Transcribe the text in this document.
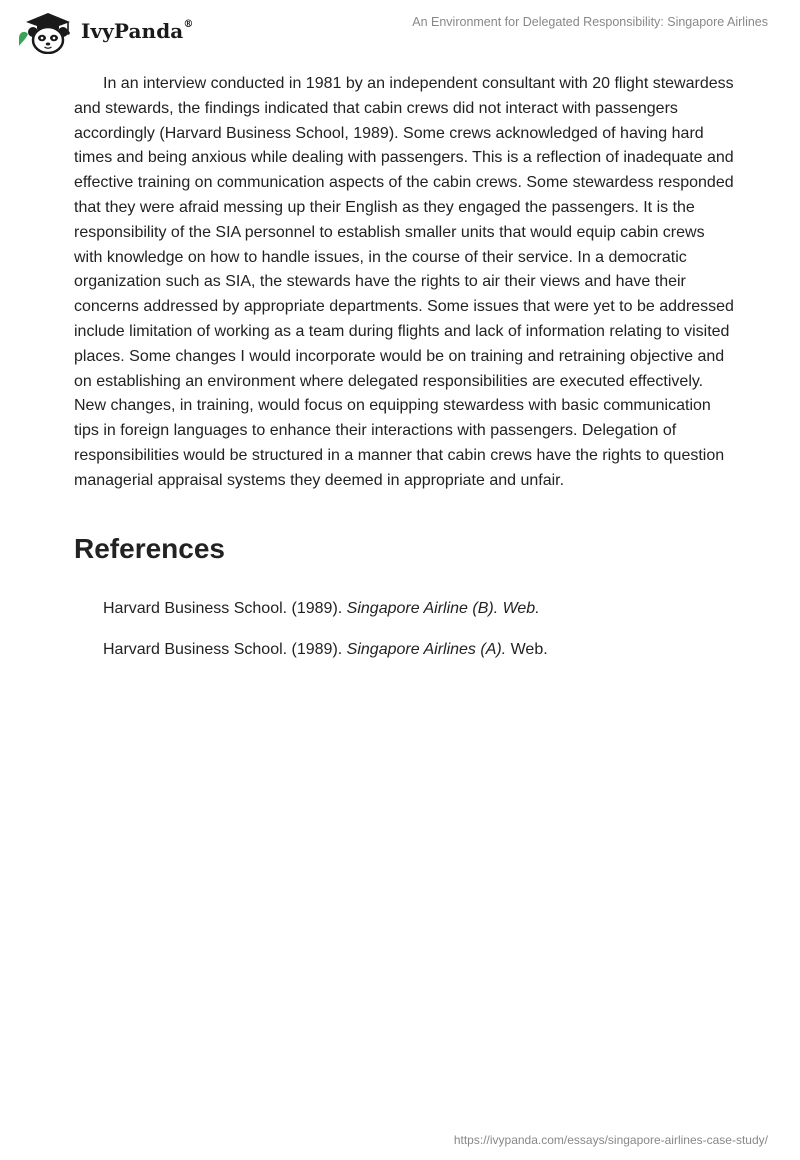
IvyPanda®	An Environment for Delegated Responsibility: Singapore Airlines

In an interview conducted in 1981 by an independent consultant with 20 flight stewardess and stewards, the findings indicated that cabin crews did not interact with passengers accordingly (Harvard Business School, 1989). Some crews acknowledged of having hard times and being anxious while dealing with passengers. This is a reflection of inadequate and effective training on communication aspects of the cabin crews. Some stewardess responded that they were afraid messing up their English as they engaged the passengers. It is the responsibility of the SIA personnel to establish smaller units that would equip cabin crews with knowledge on how to handle issues, in the course of their service. In a democratic organization such as SIA, the stewards have the rights to air their views and have their concerns addressed by appropriate departments. Some issues that were yet to be addressed include limitation of working as a team during flights and lack of information relating to visited places. Some changes I would incorporate would be on training and retraining objective and on establishing an environment where delegated responsibilities are executed effectively. New changes, in training, would focus on equipping stewardess with basic communication tips in foreign languages to enhance their interactions with passengers. Delegation of responsibilities would be structured in a manner that cabin crews have the rights to question managerial appraisal systems they deemed in appropriate and unfair.

References
Harvard Business School. (1989). Singapore Airline (B). Web.
Harvard Business School. (1989). Singapore Airlines (A). Web.
https://ivypanda.com/essays/singapore-airlines-case-study/
